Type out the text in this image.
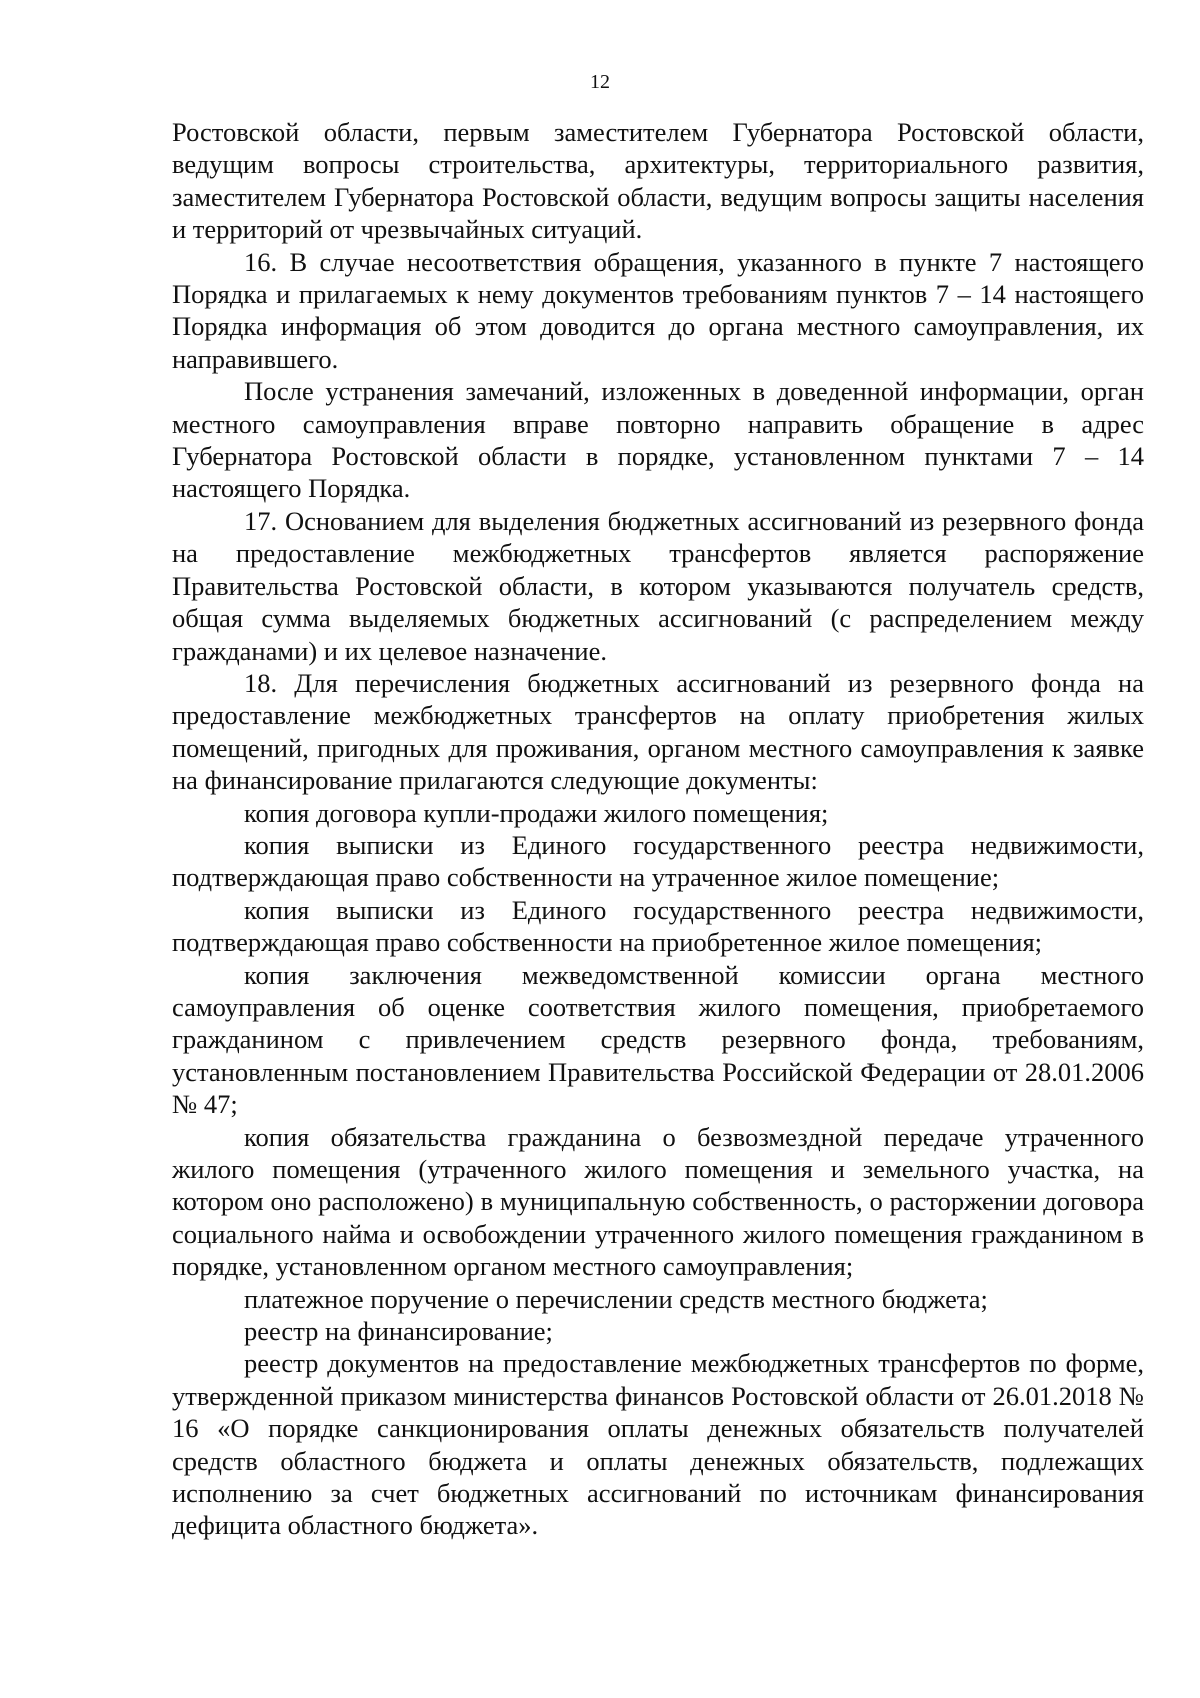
12

Ростовской области, первым заместителем Губернатора Ростовской области, ведущим вопросы строительства, архитектуры, территориального развития, заместителем Губернатора Ростовской области, ведущим вопросы защиты населения и территорий от чрезвычайных ситуаций.

16. В случае несоответствия обращения, указанного в пункте 7 настоящего Порядка и прилагаемых к нему документов требованиям пунктов 7 – 14 настоящего Порядка информация об этом доводится до органа местного самоуправления, их направившего.

После устранения замечаний, изложенных в доведенной информации, орган местного самоуправления вправе повторно направить обращение в адрес Губернатора Ростовской области в порядке, установленном пунктами 7 – 14 настоящего Порядка.

17. Основанием для выделения бюджетных ассигнований из резервного фонда на предоставление межбюджетных трансфертов является распоряжение Правительства Ростовской области, в котором указываются получатель средств, общая сумма выделяемых бюджетных ассигнований (с распределением между гражданами) и их целевое назначение.

18. Для перечисления бюджетных ассигнований из резервного фонда на предоставление межбюджетных трансфертов на оплату приобретения жилых помещений, пригодных для проживания, органом местного самоуправления к заявке на финансирование прилагаются следующие документы:

копия договора купли-продажи жилого помещения;

копия выписки из Единого государственного реестра недвижимости, подтверждающая право собственности на утраченное жилое помещение;

копия выписки из Единого государственного реестра недвижимости, подтверждающая право собственности на приобретенное жилое помещения;

копия заключения межведомственной комиссии органа местного самоуправления об оценке соответствия жилого помещения, приобретаемого гражданином с привлечением средств резервного фонда, требованиям, установленным постановлением Правительства Российской Федерации от 28.01.2006 № 47;

копия обязательства гражданина о безвозмездной передаче утраченного жилого помещения (утраченного жилого помещения и земельного участка, на котором оно расположено) в муниципальную собственность, о расторжении договора социального найма и освобождении утраченного жилого помещения гражданином в порядке, установленном органом местного самоуправления;

платежное поручение о перечислении средств местного бюджета;

реестр на финансирование;

реестр документов на предоставление межбюджетных трансфертов по форме, утвержденной приказом министерства финансов Ростовской области от 26.01.2018 № 16 «О порядке санкционирования оплаты денежных обязательств получателей средств областного бюджета и оплаты денежных обязательств, подлежащих исполнению за счет бюджетных ассигнований по источникам финансирования дефицита областного бюджета».
